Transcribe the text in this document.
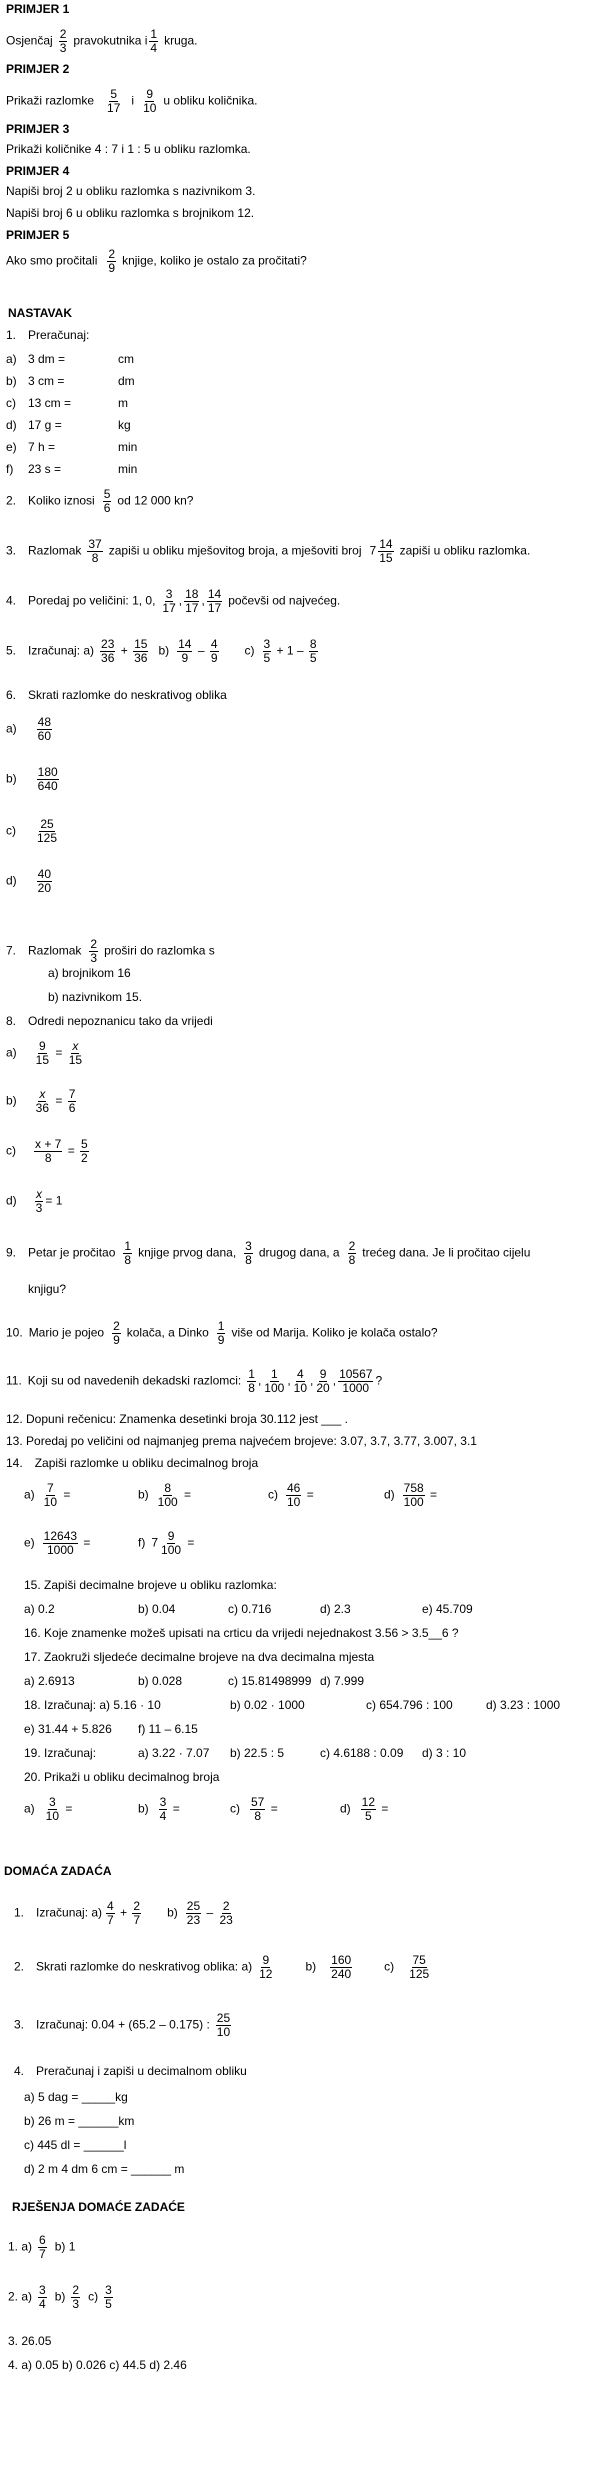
PRIMJER 1
Osjenčaj $\frac{2}{3}$ pravokutnika i $\frac{1}{4}$ kruga.
PRIMJER 2
Prikaži razlomke $\frac{5}{17}$ i $\frac{9}{10}$ u obliku količnika.
PRIMJER 3
Prikaži količnike 4 : 7 i 1 : 5 u obliku razlomka.
PRIMJER 4
Napiši broj 2 u obliku razlomka s nazivnikom 3.
Napiši broj 6 u obliku razlomka s brojnikom 12.
PRIMJER 5
Ako smo pročitali $\frac{2}{9}$ knjige, koliko je ostalo za pročitati?
NASTAVAK
1. Preračunaj:
a) 3 dm =	cm
b) 3 cm =	dm
c) 13 cm =	m
d) 17 g =	kg
e) 7 h =	min
f) 23 s =	min
2. Koliko iznosi $\frac{5}{6}$ od 12 000 kn?
3. Razlomak $\frac{37}{8}$ zapiši u obliku mješovitog broja, a mješoviti broj $7 \frac{14}{15}$ zapiši u obliku razlomka.
4. Poredaj po veličini: 1, 0, $\frac{3}{17}$ , $\frac{18}{17}$ , $\frac{14}{17}$ počevši od najvećeg.
5. Izračunaj: $a) \frac{23}{36} + \frac{15}{36} b) \frac{14}{9} - \frac{4}{9} c) \frac{3}{5} + 1 - \frac{8}{5}$
6. Skrati razlomke do neskrativog oblika
$a) \frac{48}{60}$
$b) \frac{180}{640}$
$c) \frac{25}{125}$
$d) \frac{40}{20}$
7. Razlomak $\frac{2}{3}$ proširi do razlomka s
a) brojnikom 16
b) nazivnikom 15.
8. Odredi nepoznanicu tako da vrijedi
$a) \frac{9}{15} = \frac{x}{15}$
$b) \frac{x}{36} = \frac{7}{6}$
$c) \frac{x + 7}{8} = \frac{5}{2}$
$d) \frac{x}{3} = 1$
9. Petar je pročitao $\frac{1}{8}$ knjige prvog dana, $\frac{3}{8}$ drugog dana, a $\frac{2}{8}$ trećeg dana. Je li pročitao cijelu
knjigu?
10. Mario je pojeo $\frac{2}{9}$ kolača, a Dinko $\frac{1}{9}$ više od Marija. Koliko je kolača ostalo?
11. Koji su od navedenih dekadski razlomci: $\frac{1}{8}$ , $\frac{1}{100}$ , $\frac{4}{10}$ , $\frac{9}{20}$ , $\frac{10567}{1000}$ ?
12. Dopuni rečenicu: Znamenka desetinki broja 30.112 jest ___ .
13. Poredaj po veličini od najmanjeg prema najvećem brojeve: 3.07, 3.7, 3.77, 3.007, 3.1
14. Zapiši razlomke u obliku decimalnog broja
$a) \frac{7}{10}$ =	$b) \frac{8}{100}$ =	$c) \frac{46}{10}$ =	$d) \frac{758}{100}$ =
$e) \frac{12643}{1000}$ =	f) $7 \frac{9}{100}$ =
15. Zapiši decimalne brojeve u obliku razlomka:
a) 0.2	b) 0.04	c) 0.716	d) 2.3	e) 45.709
16. Koje znamenke možeš upisati na crticu da vrijedi nejednakost 3.56 > 3.5__6 ?
17. Zaokruži sljedeće decimalne brojeve na dva decimalna mjesta
a) 2.6913	b) 0.028	c) 15.81498999 d) 7.999
18. Izračunaj: a) 5.16 · 10	b) 0.02 · 1000	c) 654.796 : 100	d) 3.23 : 1000
e) 31.44 + 5.826 f) 11 – 6.15
19. Izračunaj:	a) 3.22 · 7.07 b) 22.5 : 5	c) 4.6188 : 0.09 d) 3 : 10
20. Prikaži u obliku decimalnog broja
$a) \frac{3}{10}$ =	$b) \frac{3}{4}$ =	$c) \frac{57}{8}$ =	$d) \frac{12}{5}$ =
DOMAĆA ZADAĆA
1. Izračunaj: $a) \frac{4}{7} + \frac{2}{7} b) \frac{25}{23} - \frac{2}{23}$
2. Skrati razlomke do neskrativog oblika: $a) \frac{9}{12}$	$b) \frac{160}{240}$	$c) \frac{75}{125}$
3. Izračunaj: 0.04 + (65.2 – 0.175) : $\frac{25}{10}$
4. Preračunaj i zapiši u decimalnom obliku
a) 5 dag = _____kg
b) 26 m = ______km
c) 445 dl = ______l
d) 2 m 4 dm 6 cm = ______ m
RJEŠENJA DOMAĆE ZADAĆE
1. $a) \frac{6}{7} b$) 1
2. $a) \frac{3}{4} b) \frac{2}{3} c) \frac{3}{5}$
3. 26.05
4. a) 0.05 b) 0.026 c) 44.5 d) 2.46
